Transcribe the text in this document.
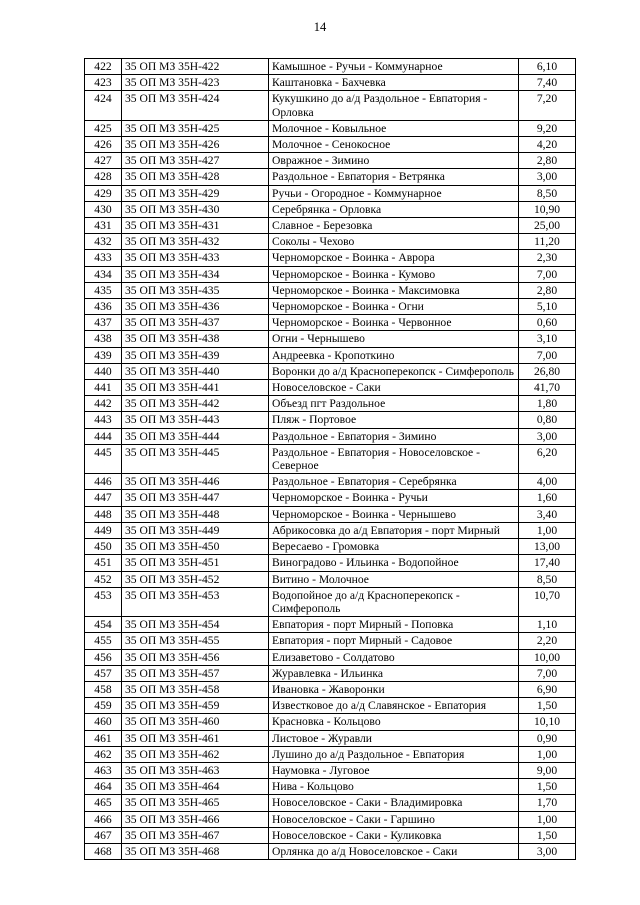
14
422	35 ОП МЗ 35Н-422	Камышное - Ручьи - Коммунарное	6,10
423	35 ОП МЗ 35Н-423	Каштановка - Бахчевка	7,40
424	35 ОП МЗ 35Н-424	Кукушкино до а/д Раздольное - Евпатория - Орловка	7,20
425	35 ОП МЗ 35Н-425	Молочное - Ковыльное	9,20
426	35 ОП МЗ 35Н-426	Молочное - Сенокосное	4,20
427	35 ОП МЗ 35Н-427	Овражное - Зимино	2,80
428	35 ОП МЗ 35Н-428	Раздольное - Евпатория - Ветрянка	3,00
429	35 ОП МЗ 35Н-429	Ручьи - Огородное - Коммунарное	8,50
430	35 ОП МЗ 35Н-430	Серебрянка - Орловка	10,90
431	35 ОП МЗ 35Н-431	Славное - Березовка	25,00
432	35 ОП МЗ 35Н-432	Соколы - Чехово	11,20
433	35 ОП МЗ 35Н-433	Черноморское - Воинка - Аврора	2,30
434	35 ОП МЗ 35Н-434	Черноморское - Воинка - Кумово	7,00
435	35 ОП МЗ 35Н-435	Черноморское - Воинка - Максимовка	2,80
436	35 ОП МЗ 35Н-436	Черноморское - Воинка - Огни	5,10
437	35 ОП МЗ 35Н-437	Черноморское - Воинка - Червонное	0,60
438	35 ОП МЗ 35Н-438	Огни - Чернышево	3,10
439	35 ОП МЗ 35Н-439	Андреевка - Кропоткино	7,00
440	35 ОП МЗ 35Н-440	Воронки до а/д Красноперекопск - Симферополь	26,80
441	35 ОП МЗ 35Н-441	Новоселовское - Саки	41,70
442	35 ОП МЗ 35Н-442	Объезд пгт Раздольное	1,80
443	35 ОП МЗ 35Н-443	Пляж - Портовое	0,80
444	35 ОП МЗ 35Н-444	Раздольное - Евпатория - Зимино	3,00
445	35 ОП МЗ 35Н-445	Раздольное - Евпатория - Новоселовское - Северное	6,20
446	35 ОП МЗ 35Н-446	Раздольное - Евпатория - Серебрянка	4,00
447	35 ОП МЗ 35Н-447	Черноморское - Воинка - Ручьи	1,60
448	35 ОП МЗ 35Н-448	Черноморское - Воинка - Чернышево	3,40
449	35 ОП МЗ 35Н-449	Абрикосовка до а/д Евпатория - порт Мирный	1,00
450	35 ОП МЗ 35Н-450	Вересаево - Громовка	13,00
451	35 ОП МЗ 35Н-451	Виноградово - Ильинка - Водопойное	17,40
452	35 ОП МЗ 35Н-452	Витино - Молочное	8,50
453	35 ОП МЗ 35Н-453	Водопойное до а/д Красноперекопск - Симферополь	10,70
454	35 ОП МЗ 35Н-454	Евпатория - порт Мирный - Поповка	1,10
455	35 ОП МЗ 35Н-455	Евпатория - порт Мирный - Садовое	2,20
456	35 ОП МЗ 35Н-456	Елизаветово - Солдатово	10,00
457	35 ОП МЗ 35Н-457	Журавлевка - Ильинка	7,00
458	35 ОП МЗ 35Н-458	Ивановка - Жаворонки	6,90
459	35 ОП МЗ 35Н-459	Известковое до а/д Славянское - Евпатория	1,50
460	35 ОП МЗ 35Н-460	Красновка - Кольцово	10,10
461	35 ОП МЗ 35Н-461	Листовое - Журавли	0,90
462	35 ОП МЗ 35Н-462	Лушино до а/д Раздольное - Евпатория	1,00
463	35 ОП МЗ 35Н-463	Наумовка - Луговое	9,00
464	35 ОП МЗ 35Н-464	Нива - Кольцово	1,50
465	35 ОП МЗ 35Н-465	Новоселовское - Саки - Владимировка	1,70
466	35 ОП МЗ 35Н-466	Новоселовское - Саки - Гаршино	1,00
467	35 ОП МЗ 35Н-467	Новоселовское - Саки - Куликовка	1,50
468	35 ОП МЗ 35Н-468	Орлянка до а/д Новоселовское - Саки	3,00
